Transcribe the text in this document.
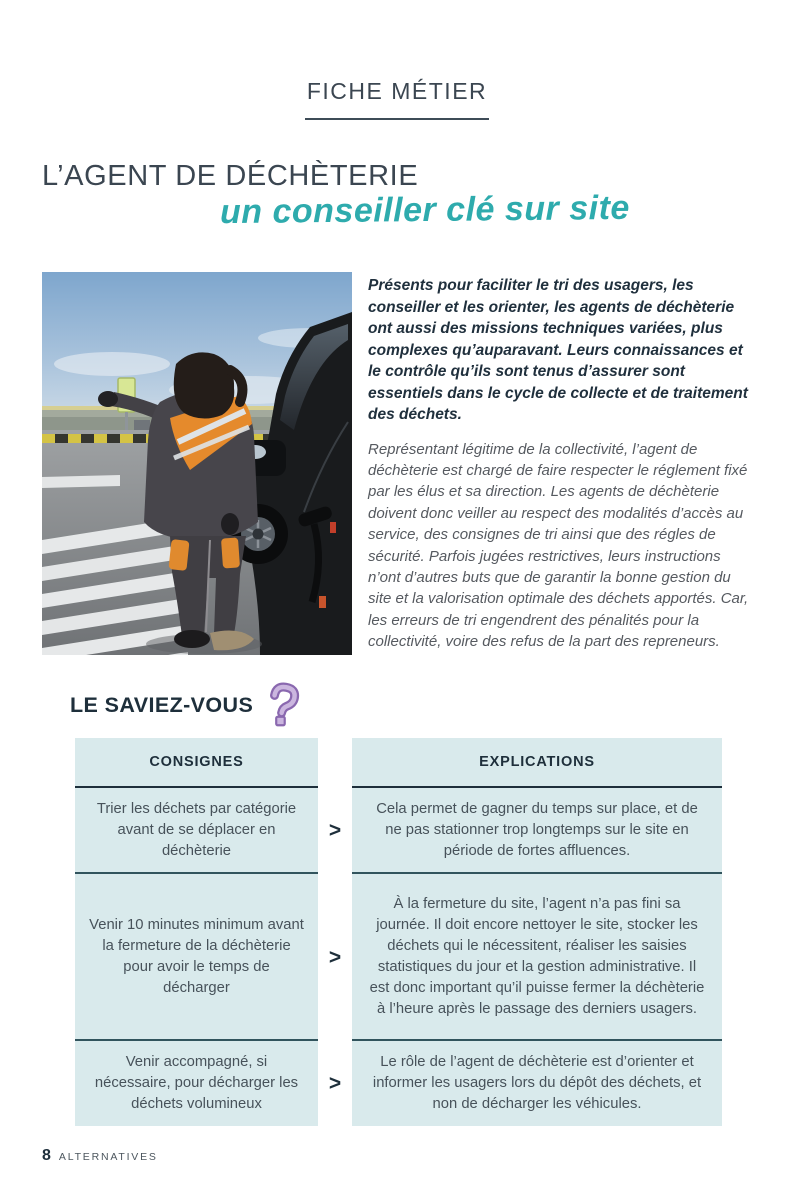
FICHE MÉTIER
L’AGENT DE DÉCHÈTERIE
un conseiller clé sur site

Présents pour faciliter le tri des usagers, les conseiller et les orienter, les agents de déchèterie ont aussi des missions techniques variées, plus complexes qu’auparavant. Leurs connaissances et le contrôle qu’ils sont tenus d’assurer sont essentiels dans le cycle de collecte et de traitement des déchets.

Représentant légitime de la collectivité, l’agent de déchèterie est chargé de faire respecter le réglement fixé par les élus et sa direction. Les agents de déchèterie doivent donc veiller au respect des modalités d’accès au service, des consignes de tri ainsi que des régles de sécurité. Parfois jugées restrictives, leurs instructions n’ont d’autres buts que de garantir la bonne gestion du site et la valorisation optimale des déchets apportés. Car, les erreurs de tri engendrent des pénalités pour la collectivité, voire des refus de la part des repreneurs.

LE SAVIEZ-VOUS
CONSIGNES	EXPLICATIONS
Trier les déchets par catégorie avant de se déplacer en déchèterie
>
Cela permet de gagner du temps sur place, et de ne pas stationner trop longtemps sur le site en période de fortes affluences.
Venir 10 minutes minimum avant la fermeture de la déchèterie pour avoir le temps de décharger
>
À la fermeture du site, l’agent n’a pas fini sa journée. Il doit encore nettoyer le site, stocker les déchets qui le nécessitent, réaliser les saisies statistiques du jour et la gestion administrative. Il est donc important qu’il puisse fermer la déchèterie à l’heure après le passage des derniers usagers.
Venir accompagné, si nécessaire, pour décharger les déchets volumineux
>
Le rôle de l’agent de déchèterie est d’orienter et informer les usagers lors du dépôt des déchets, et non de décharger les véhicules.
8 ALTERNATIVES
